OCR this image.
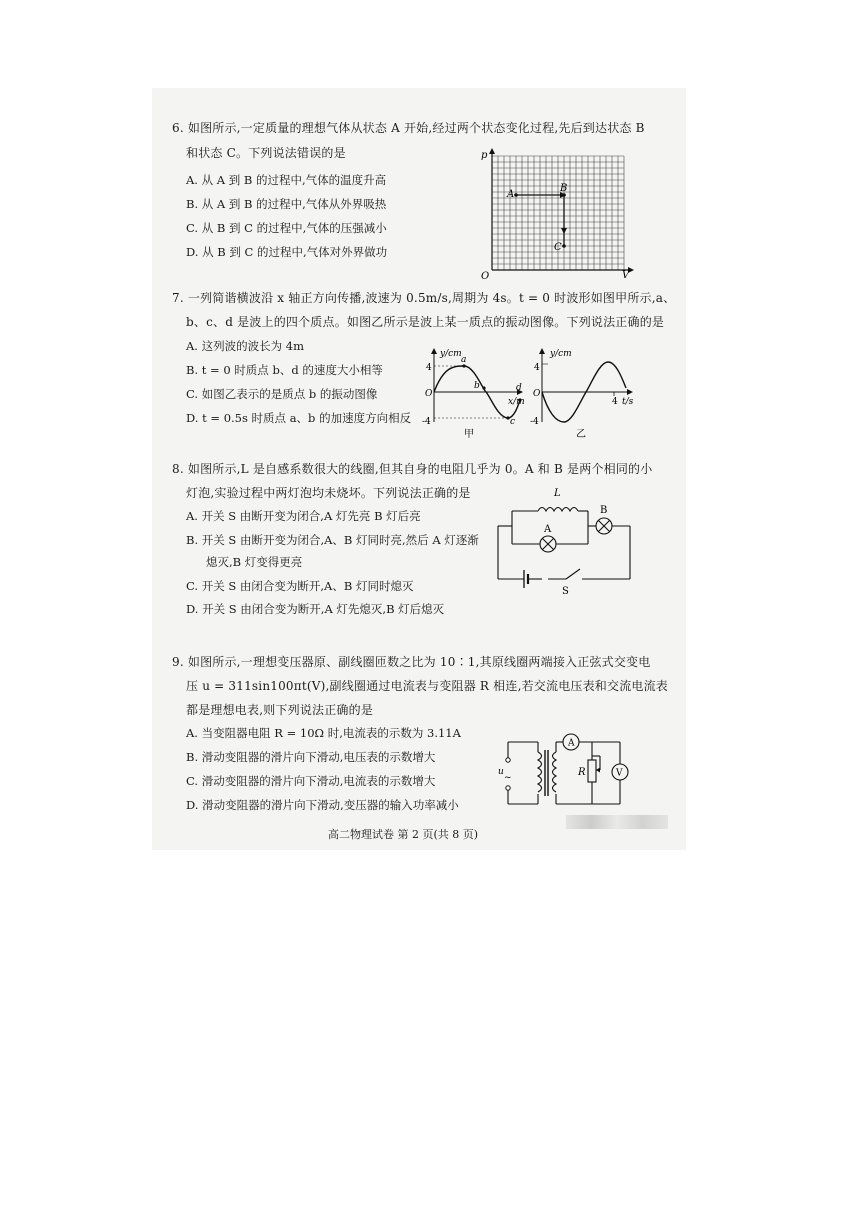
6. 如图所示,一定质量的理想气体从状态 A 开始,经过两个状态变化过程,先后到达状态 B
和状态 C。下列说法错误的是
A. 从 A 到 B 的过程中,气体的温度升高
B. 从 A 到 B 的过程中,气体从外界吸热
C. 从 B 到 C 的过程中,气体的压强减小
D. 从 B 到 C 的过程中,气体对外界做功
p
V
O
A
B
C
7. 一列简谐横波沿 x 轴正方向传播,波速为 0.5m/s,周期为 4s。t = 0 时波形如图甲所示,a、
b、c、d 是波上的四个质点。如图乙所示是波上某一质点的振动图像。下列说法正确的是
A. 这列波的波长为 4m
B. t = 0 时质点 b、d 的速度大小相等
C. 如图乙表示的是质点 b 的振动图像
D. t = 0.5s 时质点 a、b 的加速度方向相反
y/cm
x/m
4
-4
O
a
b
c
d
甲
y/cm
t/s
4
-4
O
4
乙
8. 如图所示,L 是自感系数很大的线圈,但其自身的电阻几乎为 0。A 和 B 是两个相同的小
灯泡,实验过程中两灯泡均未烧坏。下列说法正确的是
A. 开关 S 由断开变为闭合,A 灯先亮 B 灯后亮
B. 开关 S 由断开变为闭合,A、B 灯同时亮,然后 A 灯逐渐
熄灭,B 灯变得更亮
C. 开关 S 由闭合变为断开,A、B 灯同时熄灭
D. 开关 S 由闭合变为断开,A 灯先熄灭,B 灯后熄灭
L
A
B
S
9. 如图所示,一理想变压器原、副线圈匝数之比为 10∶1,其原线圈两端接入正弦式交变电
压 u = 311sin100πt(V),副线圈通过电流表与变阻器 R 相连,若交流电压表和交流电流表
都是理想电表,则下列说法正确的是
A. 当变阻器电阻 R = 10Ω 时,电流表的示数为 3.11A
B. 滑动变阻器的滑片向下滑动,电压表的示数增大
C. 滑动变阻器的滑片向下滑动,电流表的示数增大
D. 滑动变阻器的滑片向下滑动,变压器的输入功率减小
u
~
A
R	V
高二物理试卷 第 2 页(共 8 页)
